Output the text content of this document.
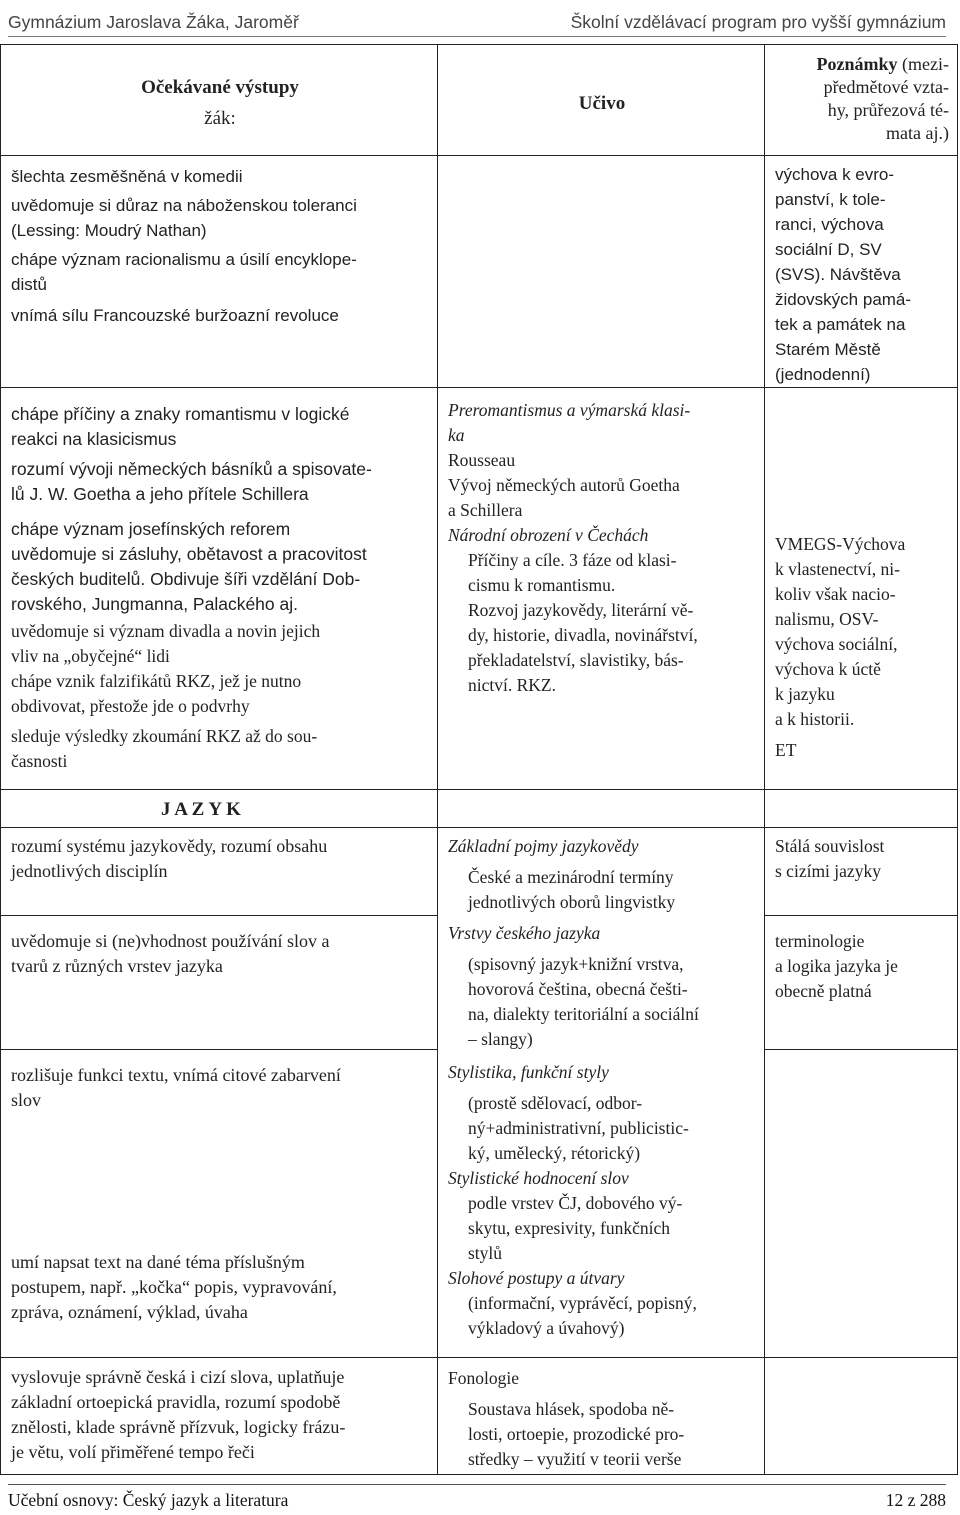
Gymnázium Jaroslava Žáka, Jaroměř	Školní vzdělávací program pro vyšší gymnázium
Očekávané výstupy
žák:
Učivo
Poznámky (mezi-
předmětové vzta-
hy, průřezová té-
mata aj.)
šlechta zesměšněná v komedii
uvědomuje si důraz na náboženskou toleranci
(Lessing: Moudrý Nathan)
chápe význam racionalismu a úsilí encyklope-
distů
vnímá sílu Francouzské buržoazní revoluce
výchova k evro-
panství, k tole-
ranci, výchova
sociální D, SV
(SVS). Návštěva
židovských pamá-
tek a památek na
Starém Městě
(jednodenní)
chápe příčiny a znaky romantismu v logické
reakci na klasicismus
rozumí vývoji německých básníků a spisovate-
lů J. W. Goetha a jeho přítele Schillera
chápe význam josefínských reforem
uvědomuje si zásluhy, obětavost a pracovitost
českých buditelů. Obdivuje šíři vzdělání Dob-
rovského, Jungmanna, Palackého aj.
uvědomuje si význam divadla a novin jejich
vliv na „obyčejné“ lidi
chápe vznik falzifikátů RKZ, jež je nutno
obdivovat, přestože jde o podvrhy
sleduje výsledky zkoumání RKZ až do sou-
časnosti
Preromantismus a výmarská klasi-
ka
Rousseau
Vývoj německých autorů Goetha
a Schillera
Národní obrození v Čechách
Příčiny a cíle. 3 fáze od klasi-
cismu k romantismu.
Rozvoj jazykovědy, literární vě-
dy, historie, divadla, novinářství,
překladatelství, slavistiky, bás-
nictví. RKZ.
VMEGS-Výchova
k vlastenectví, ni-
koliv však nacio-
nalismu, OSV-
výchova sociální,
výchova k úctě
k jazyku
a k historii.
ET
J A Z Y K
rozumí systému jazykovědy, rozumí obsahu
jednotlivých disciplín
uvědomuje si (ne)vhodnost používání slov a
tvarů z různých vrstev jazyka
rozlišuje funkci textu, vnímá citové zabarvení
slov
umí napsat text na dané téma příslušným
postupem, např. „kočka“ popis, vypravování,
zpráva, oznámení, výklad, úvaha
Základní pojmy jazykovědy
České a mezinárodní termíny
jednotlivých oborů lingvistky
Vrstvy českého jazyka
(spisovný jazyk+knižní vrstva,
hovorová čeština, obecná češti-
na, dialekty teritoriální a sociální
– slangy)
Stylistika, funkční styly
(prostě sdělovací, odbor-
ný+administrativní, publicistic-
ký, umělecký, rétorický)
Stylistické hodnocení slov
podle vrstev ČJ, dobového vý-
skytu, expresivity, funkčních
stylů
Slohové postupy a útvary
(informační, vyprávěcí, popisný,
výkladový a úvahový)
Stálá souvislost
s cizími jazyky
terminologie
a logika jazyka je
obecně platná
vyslovuje správně česká i cizí slova, uplatňuje
základní ortoepická pravidla, rozumí spodobě
znělosti, klade správně přízvuk, logicky frázu-
je větu, volí přiměřené tempo řeči
Fonologie
Soustava hlásek, spodoba ně-
losti, ortoepie, prozodické pro-
středky – využití v teorii verše
Učební osnovy: Český jazyk a literatura	12 z 288
